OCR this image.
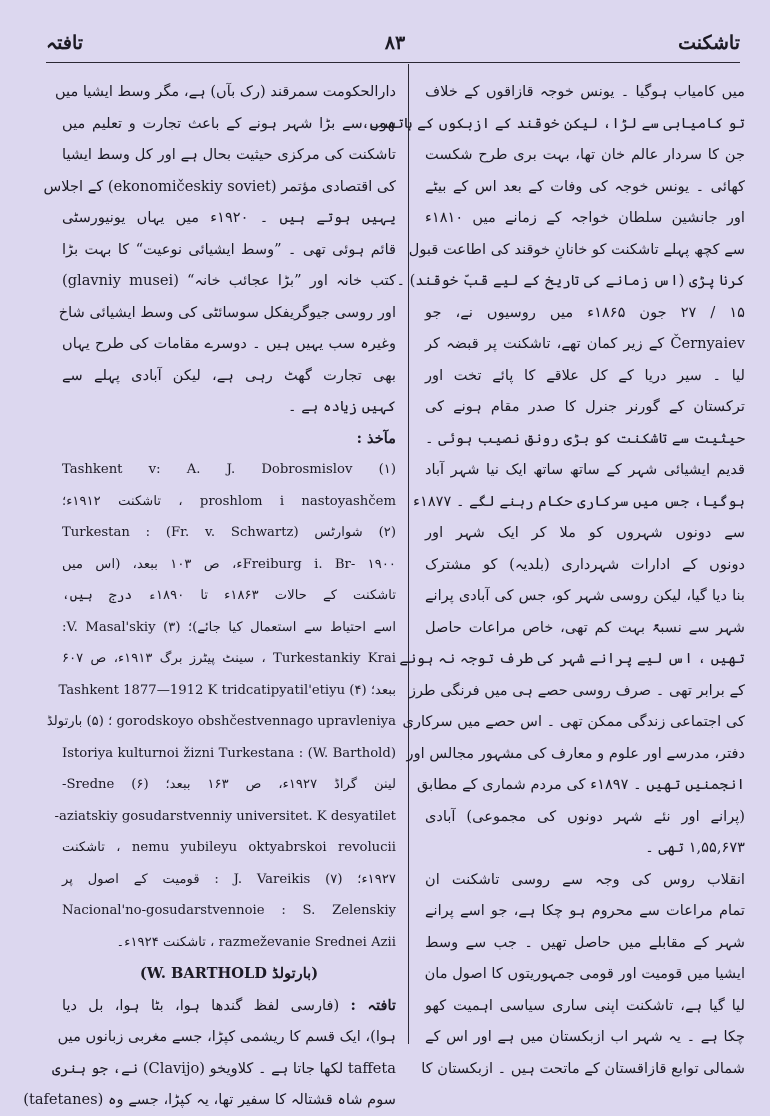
تاشکنت
۸۳
تافتہ
میں کامیاب ہوگیا ۔ یونس خوجہ قازاقوں کے خلاف
تو کامیابی سے لڑا، لیکن خوقند کے ازبکوں کے ہاتھوں،
جن کا سردار عالم خان تھا، بہت بری طرح شکست
کھائی ۔ یونس خوجہ کی وفات کے بعد اس کے بیٹے
اور جانشین سلطان خواجہ کے زمانے میں ۱۸۱۰ء
سے کچھ پہلے تاشکنت کو خانانِ خوقند کی اطاعت قبول
کرنا پڑی (اس زمانے کی تاریخ کے لیے قبّ خوقند) ۔
۱۵ / ۲۷ جون ۱۸۶۵ء میں روسیوں نے، جو
Černyaiev کے زیر کمان تھے، تاشکنت پر قبضہ کر
لیا ۔ سیر دریا کے کل علاقے کا پائے تخت اور
ترکستان کے گورنر جنرل کا صدر مقام ہونے کی
حیثیت سے تاشکنت کو بڑی رونق نصیب ہوئی ۔
قدیم ایشیائی شہر کے ساتھ ساتھ ایک نیا شہر آباد
ہوگیا، جس میں سرکاری حکام رہنے لگے ۔ ۱۸۷۷ء
سے دونوں شہروں کو ملا کر ایک شہر اور
دونوں کے ادارات شہرداری (بلدیہ) کو مشترک
بنا دیا گیا، لیکن روسی شہر کو، جس کی آبادی پرانے
شہر سے نسبۃً بہت کم تھی، خاص مراعات حاصل
تھیں ، اس لیے پرانے شہر کی طرف توجہ نہ ہونے
کے برابر تھی ۔ صرف روسی حصے ہی میں فرنگی طرز
کی اجتماعی زندگی ممکن تھی ۔ اس حصے میں سرکاری
دفتر، مدرسے اور علوم و معارف کی مشہور مجالس اور
انجمنیں تھیں ۔ ۱۸۹۷ء کی مردم شماری کے مطابق
(پرانے اور نئے شہر دونوں کی مجموعی) آبادی
۱,۵۵,۶۷۳ تھی ۔
انقلاب روس کی وجہ سے روسی تاشکنت ان
تمام مراعات سے محروم ہو چکا ہے، جو اسے پرانے
شہر کے مقابلے میں حاصل تھیں ۔ جب سے وسط
ایشیا میں قومیت اور قومی جمہوریتوں کا اصول مان
لیا گیا ہے، تاشکنت اپنی ساری سیاسی اہمیت کھو
چکا ہے ۔ یہ شہر اب ازبکستان میں ہے اور اس کے
شمالی توابع قازاقستان کے ماتحت ہیں ۔ ازبکستان کا
دارالحکومت سمرقند (رک بآں) ہے، مگر وسط ایشیا میں
سب سے بڑا شہر ہونے کے باعث تجارت و تعلیم میں
تاشکنت کی مرکزی حیثیت بحال ہے اور کل وسط ایشیا
کی اقتصادی مؤتمر (ekonomičeskiy soviet) کے اجلاس
یہیں ہوتے ہیں ۔ ۱۹۲۰ء میں یہاں یونیورسٹی
قائم ہوئی تھی ۔ ”وسط ایشیائی نوعیت“ کا بہت بڑا
کتب خانہ اور ”بڑا عجائب خانہ“ (glavniy musei)
اور روسی جیوگریفکل سوسائٹی کی وسط ایشیائی شاخ
وغیرہ سب یہیں ہیں ۔ دوسرے مقامات کی طرح یہاں
بھی تجارت گھٹ رہی ہے، لیکن آبادی پہلے سے
کہیں زیادہ ہے ۔
مآخذ :
(۱) Tashkent v: A. J. Dobrosmislov
proshlom i nastoyashčem ، تاشکنت ۱۹۱۲ء؛
(۲) شوارٹس (Turkestan : (Fr. v. Schwartz
Freiburg i. Br- ۱۹۰۰ء، ص ۱۰۳ ببعد، (اس میں
تاشکنت کے حالات ۱۸۶۳ء تا ۱۸۹۰ء درج ہیں،
اسے احتیاط سے استعمال کیا جائے)؛ (۳) V. Masal'skiy:
Turkestankiy Krai ، سینٹ پیٹرز برگ ۱۹۱۳ء، ص ۶۰۷
ببعد؛ (۴) Tashkent 1877—1912 K tridcatipyatil'etiyu
gorodskoyo obshčestvennago upravleniya ؛ (۵) بارتولڈ
(W. Barthold) : Istoriya kulturnoi žizni Turkestana
لینن گراڈ ۱۹۲۷ء، ص ۱۶۳ ببعد؛ (۶) Sredne-
aziatskiy gosudarstvenniy universitet. K desyatilet-
nemu yubileyu oktyabrskoi revolucii ، تاشکنت
۱۹۲۷ء؛ (۷) J. Vareikis : قومیت کے اصول پر
Nacional'no-gosudarstvennoie : S. Zelenskiy
razmeževanie Srednei Azii ، تاشکنت ۱۹۲۴ء۔
(بارتولڈ W. BARTHOLD)
تافتہ : (فارسی لفظ گندھا ہوا، بٹا ہوا، بل دیا
ہوا)، ایک قسم کا ریشمی کپڑا، جسے مغربی زبانوں میں
taffeta لکھا جاتا ہے ۔ کلاویخو (Clavijo) نے، جو ہنری
سوم شاہ قشتالہ کا سفیر تھا، یہ کپڑا، جسے وہ (tafetanes)
